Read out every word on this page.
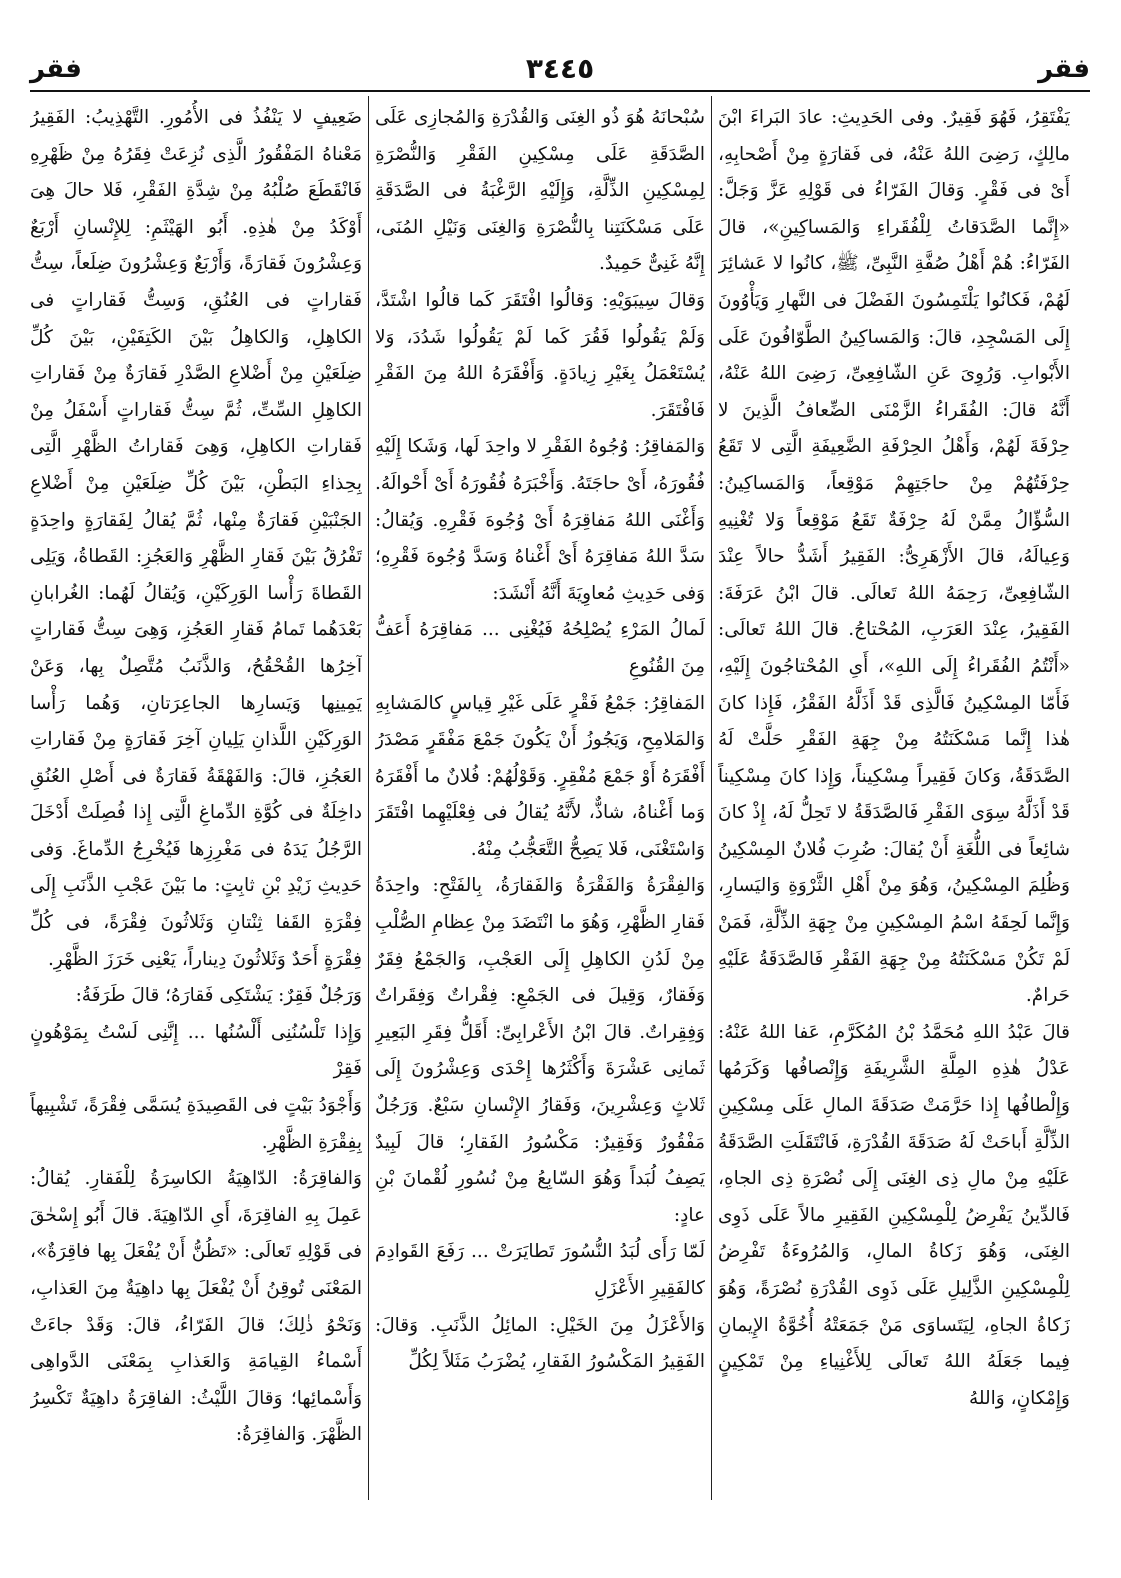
فقر
٣٤٤٥
فقر

يَفْتَقِرُ، فَهُوَ فَقِيرٌ. وفى الحَدِيثِ: عادَ البَراءَ ابْنَ مالِكٍ، رَضِىَ اللهُ عَنْهُ، فى فَقارَةٍ مِنْ أَصْحابِهِ، أَىْ فى فَقْرٍ. وَقالَ الفَرّاءُ فى قَوْلِهِ عَزَّ وَجَلَّ: «إِنَّما الصَّدَقاتُ لِلْفُقَراءِ وَالمَساكِينِ»، قالَ الفَرّاءُ: هُمْ أَهْلُ صُفَّةِ النَّبِىِّ، ﷺ، كانُوا لا عَشائِرَ لَهُمْ، فَكانُوا يَلْتَمِسُونَ الفَضْلَ فى النَّهارِ وَيَأْوُونَ إِلَى المَسْجِدِ، قالَ: وَالمَساكِينُ الطَّوّافُونَ عَلَى الأَبْوابِ. وَرُوِىَ عَنِ الشّافِعِىِّ، رَضِىَ اللهُ عَنْهُ، أَنَّهُ قالَ: الفُقَراءُ الزَّمْنَى الضِّعافُ الَّذِينَ لا حِرْفَةَ لَهُمْ، وَأَهْلُ الحِرْفَةِ الضَّعِيفَةِ الَّتِى لا تَقَعُ حِرْفَتُهُمْ مِنْ حاجَتِهِمْ مَوْقِعاً، وَالمَساكِينُ: السُّؤّالُ مِمَّنْ لَهُ حِرْفَةٌ تَقَعُ مَوْقِعاً وَلا تُغْنِيهِ وَعِيالَهُ، قالَ الأَزْهَرِىُّ: الفَقِيرُ أَشَدُّ حالاً عِنْدَ الشّافِعِىِّ، رَحِمَهُ اللهُ تَعالَى. قالَ ابْنُ عَرَفَةَ: الفَقِيرُ، عِنْدَ العَرَبِ، المُحْتاجُ. قالَ اللهُ تَعالَى: «أَنْتُمُ الفُقَراءُ إِلَى اللهِ»، أَىِ المُحْتاجُونَ إِلَيْهِ، فَأَمّا المِسْكِينُ فَالَّذِى قَدْ أَذَلَّهُ الفَقْرُ، فَإِذا كانَ هٰذا إِنَّما مَسْكَنَتُهُ مِنْ جِهَةِ الفَقْرِ حَلَّتْ لَهُ الصَّدَقَةُ، وَكانَ فَقِيراً مِسْكِيناً، وَإِذا كانَ مِسْكِيناً قَدْ أَذَلَّهُ سِوَى الفَقْرِ فَالصَّدَقَةُ لا تَحِلُّ لَهُ، إِذْ كانَ شائِعاً فى اللُّغَةِ أَنْ يُقالَ: ضُرِبَ فُلانٌ المِسْكِينُ وَظُلِمَ المِسْكِينُ، وَهُوَ مِنْ أَهْلِ الثَّرْوَةِ وَاليَسارِ، وَإِنَّما لَحِقَهُ اسْمُ المِسْكِينِ مِنْ جِهَةِ الذِّلَّةِ، فَمَنْ لَمْ تَكُنْ مَسْكَنَتُهُ مِنْ جِهَةِ الفَقْرِ فَالصَّدَقَةُ عَلَيْهِ حَرامٌ.

قالَ عَبْدُ اللهِ مُحَمَّدُ بْنُ المُكَرَّمِ، عَفا اللهُ عَنْهُ: عَدْلُ هٰذِهِ المِلَّةِ الشَّرِيفَةِ وَإِنْصافُها وَكَرَمُها وَإِلْطافُها إِذا حَرَّمَتْ صَدَقَةَ المالِ عَلَى مِسْكِينِ الذِّلَّةِ أَباحَتْ لَهُ صَدَقَةَ القُدْرَةِ، فَانْتَقَلَتِ الصَّدَقَةُ عَلَيْهِ مِنْ مالِ ذِى الغِنَى إِلَى نُصْرَةِ ذِى الجاهِ، فَالدِّينُ يَفْرِضُ لِلْمِسْكِينِ الفَقِيرِ مالاً عَلَى ذَوِى الغِنَى، وَهُوَ زَكاةُ المالِ، وَالمُرُوءَةُ تَفْرِضُ لِلْمِسْكِينِ الذَّلِيلِ عَلَى ذَوِى القُدْرَةِ نُصْرَةً، وَهُوَ زَكاةُ الجاهِ، لِيَتَساوَى مَنْ جَمَعَتْهُ أُخُوَّةُ الإِيمانِ فِيما جَعَلَهُ اللهُ تَعالَى لِلأَغْنِياءِ مِنْ تَمْكِينٍ وَإِمْكانٍ، وَاللهُ

سُبْحانَهُ هُوَ ذُو الغِنَى وَالقُدْرَةِ وَالمُجازِى عَلَى الصَّدَقَةِ عَلَى مِسْكِينِ الفَقْرِ وَالنُّصْرَةِ لِمِسْكِينِ الذِّلَّةِ، وَإِلَيْهِ الرَّغْبَةُ فى الصَّدَقَةِ عَلَى مَسْكَنَتِنا بِالنُّصْرَةِ وَالغِنَى وَنَيْلِ المُنَى، إِنَّهُ غَنِىٌّ حَمِيدٌ.

وَقالَ سِيبَوَيْهِ: وَقالُوا افْتَقَرَ كَما قالُوا اشْتَدَّ، وَلَمْ يَقُولُوا فَقُرَ كَما لَمْ يَقُولُوا شَدُدَ، وَلا يُسْتَعْمَلُ بِغَيْرِ زِيادَةٍ. وَأَفْقَرَهُ اللهُ مِنَ الفَقْرِ فَافْتَقَرَ.

وَالمَفاقِرُ: وُجُوهُ الفَقْرِ لا واحِدَ لَها، وَشَكا إِلَيْهِ فُقُورَهُ، أَىْ حاجَتَهُ. وَأَخْبَرَهُ فُقُورَهُ أَىْ أَحْوالَهُ. وَأَغْنَى اللهُ مَفاقِرَهُ أَىْ وُجُوهَ فَقْرِهِ. وَيُقالُ: سَدَّ اللهُ مَفاقِرَهُ أَىْ أَغْناهُ وَسَدَّ وُجُوهَ فَقْرِهِ؛ وَفى حَدِيثِ مُعاوِيَةَ أَنَّهُ أَنْشَدَ:

لَمالُ المَرْءِ يُصْلِحُهُ فَيُغْنِى ... مَفاقِرَهُ أَعَفُّ مِنَ القُنُوعِ

المَفاقِرُ: جَمْعُ فَقْرٍ عَلَى غَيْرِ قِياسٍ كالمَشابِهِ وَالمَلامِحِ، وَيَجُوزُ أَنْ يَكُونَ جَمْعَ مَفْقَرٍ مَصْدَرُ أَفْقَرَهُ أَوْ جَمْعَ مُفْقِرٍ. وَقَوْلُهُمْ: فُلانٌ ما أَفْقَرَهُ وَما أَغْناهُ، شاذٌّ، لأَنَّهُ يُقالُ فى فِعْلَيْهِما افْتَقَرَ وَاسْتَغْنَى، فَلا يَصِحُّ التَّعَجُّبُ مِنْهُ.

وَالفِقْرَةُ وَالفَقْرَةُ وَالفَقارَةُ، بِالفَتْحِ: واحِدَةُ فَقارِ الظَّهْرِ، وَهُوَ ما انْتَضَدَ مِنْ عِظامِ الصُّلْبِ مِنْ لَدُنِ الكاهِلِ إِلَى العَجْبِ، وَالجَمْعُ فِقَرٌ وَفَقارٌ، وَقِيلَ فى الجَمْعِ: فِقْراتٌ وَفِقَراتٌ وَفِقِراتٌ. قالَ ابْنُ الأَعْرابِىِّ: أَقَلُّ فِقَرِ البَعِيرِ ثَمانِى عَشْرَةَ وَأَكْثَرُها إِحْدَى وَعِشْرُونَ إِلَى ثَلاثٍ وَعِشْرِينَ، وَفَقارُ الإِنْسانِ سَبْعٌ. وَرَجُلٌ مَفْقُورٌ وَفَقِيرٌ: مَكْسُورُ الفَقارِ؛ قالَ لَبِيدٌ يَصِفُ لُبَداً وَهُوَ السّابِعُ مِنْ نُسُورِ لُقْمانَ بْنِ عادٍ:

لَمّا رَأَى لُبَدُ النُّسُورَ تَطايَرَتْ ... رَفَعَ القَوادِمَ كالفَقِيرِ الأَعْزَلِ

وَالأَعْزَلُ مِنَ الخَيْلِ: المائِلُ الذَّنَبِ. وَقالَ: الفَقِيرُ المَكْسُورُ الفَقارِ، يُضْرَبُ مَثَلاً لِكُلِّ

ضَعِيفٍ لا يَنْفُذُ فى الأُمُورِ. التَّهْذِيبُ: الفَقِيرُ مَعْناهُ المَفْقُورُ الَّذِى نُزِعَتْ فِقَرُهُ مِنْ ظَهْرِهِ فَانْقَطَعَ صُلْبُهُ مِنْ شِدَّةِ الفَقْرِ، فَلا حالَ هِىَ أَوْكَدُ مِنْ هٰذِهِ. أَبُو الهَيْثَمِ: لِلإِنْسانِ أَرْبَعٌ وَعِشْرُونَ فَقارَةً، وَأَرْبَعٌ وَعِشْرُونَ ضِلَعاً، سِتُّ فَقاراتٍ فى العُنُقِ، وَسِتُّ فَقاراتٍ فى الكاهِلِ، وَالكاهِلُ بَيْنَ الكَتِفَيْنِ، بَيْنَ كُلِّ ضِلَعَيْنِ مِنْ أَضْلاعِ الصَّدْرِ فَقارَةٌ مِنْ فَقاراتِ الكاهِلِ السِّتِّ، ثُمَّ سِتُّ فَقاراتٍ أَسْفَلُ مِنْ فَقاراتِ الكاهِلِ، وَهِىَ فَقاراتُ الظَّهْرِ الَّتِى بِحِذاءِ البَطْنِ، بَيْنَ كُلِّ ضِلَعَيْنِ مِنْ أَضْلاعِ الجَنْبَيْنِ فَقارَةٌ مِنْها، ثُمَّ يُقالُ لِفَقارَةٍ واحِدَةٍ تَفْرُقُ بَيْنَ فَقارِ الظَّهْرِ وَالعَجُزِ: القَطاةُ، وَيَلِى القَطاةَ رَأْسا الوَرِكَيْنِ، وَيُقالُ لَهُما: الغُرابانِ بَعْدَهُما تَمامُ فَقارِ العَجُزِ، وَهِىَ سِتُّ فَقاراتٍ آخِرُها القُحْقُحُ، وَالذَّنَبُ مُتَّصِلٌ بِها، وَعَنْ يَمِينِها وَيَسارِها الجاعِرَتانِ، وَهُما رَأْسا الوَرِكَيْنِ اللَّذانِ يَلِيانِ آخِرَ فَقارَةٍ مِنْ فَقاراتِ العَجُزِ، قالَ: وَالفَهْقَةُ فَقارَةٌ فى أَصْلِ العُنُقِ داخِلَةٌ فى كُوَّةِ الدِّماغِ الَّتِى إِذا فُصِلَتْ أَدْخَلَ الرَّجُلُ يَدَهُ فى مَغْرِزِها فَيُخْرِجُ الدِّماغَ. وَفى حَدِيثِ زَيْدِ بْنِ ثابِتٍ: ما بَيْنَ عَجْبِ الذَّنَبِ إِلَى فِقْرَةِ القَفا ثِنْتانِ وَثَلاثُونَ فِقْرَةً، فى كُلِّ فِقْرَةٍ أَحَدٌ وَثَلاثُونَ دِيناراً، يَعْنِى خَرَزَ الظَّهْرِ.

وَرَجُلٌ فَقِرٌ: يَشْتَكِى فَقارَهُ؛ قالَ طَرَفَةُ:

وَإِذا تَلْسُنُنِى أَلْسُنُها ... إِنَّنِى لَسْتُ بِمَوْهُونٍ فَقِرْ

وَأَجْوَدُ بَيْتٍ فى القَصِيدَةِ يُسَمَّى فِقْرَةً، تَشْبِيهاً بِفِقْرَةِ الظَّهْرِ.

وَالفاقِرَةُ: الدّاهِيَةُ الكاسِرَةُ لِلْفَقارِ. يُقالُ: عَمِلَ بِهِ الفاقِرَةَ، أَىِ الدّاهِيَةَ. قالَ أَبُو إِسْحٰقَ فى قَوْلِهِ تَعالَى: «تَظُنُّ أَنْ يُفْعَلَ بِها فاقِرَةٌ»، المَعْنَى تُوقِنُ أَنْ يُفْعَلَ بِها داهِيَةٌ مِنَ العَذابِ، وَنَحْوُ ذٰلِكَ؛ قالَ الفَرّاءُ، قالَ: وَقَدْ جاءَتْ أَسْماءُ القِيامَةِ وَالعَذابِ بِمَعْنَى الدَّواهِى وَأَسْمائِها؛ وَقالَ اللَّيْثُ: الفاقِرَةُ داهِيَةٌ تَكْسِرُ الظَّهْرَ. وَالفاقِرَةُ:
